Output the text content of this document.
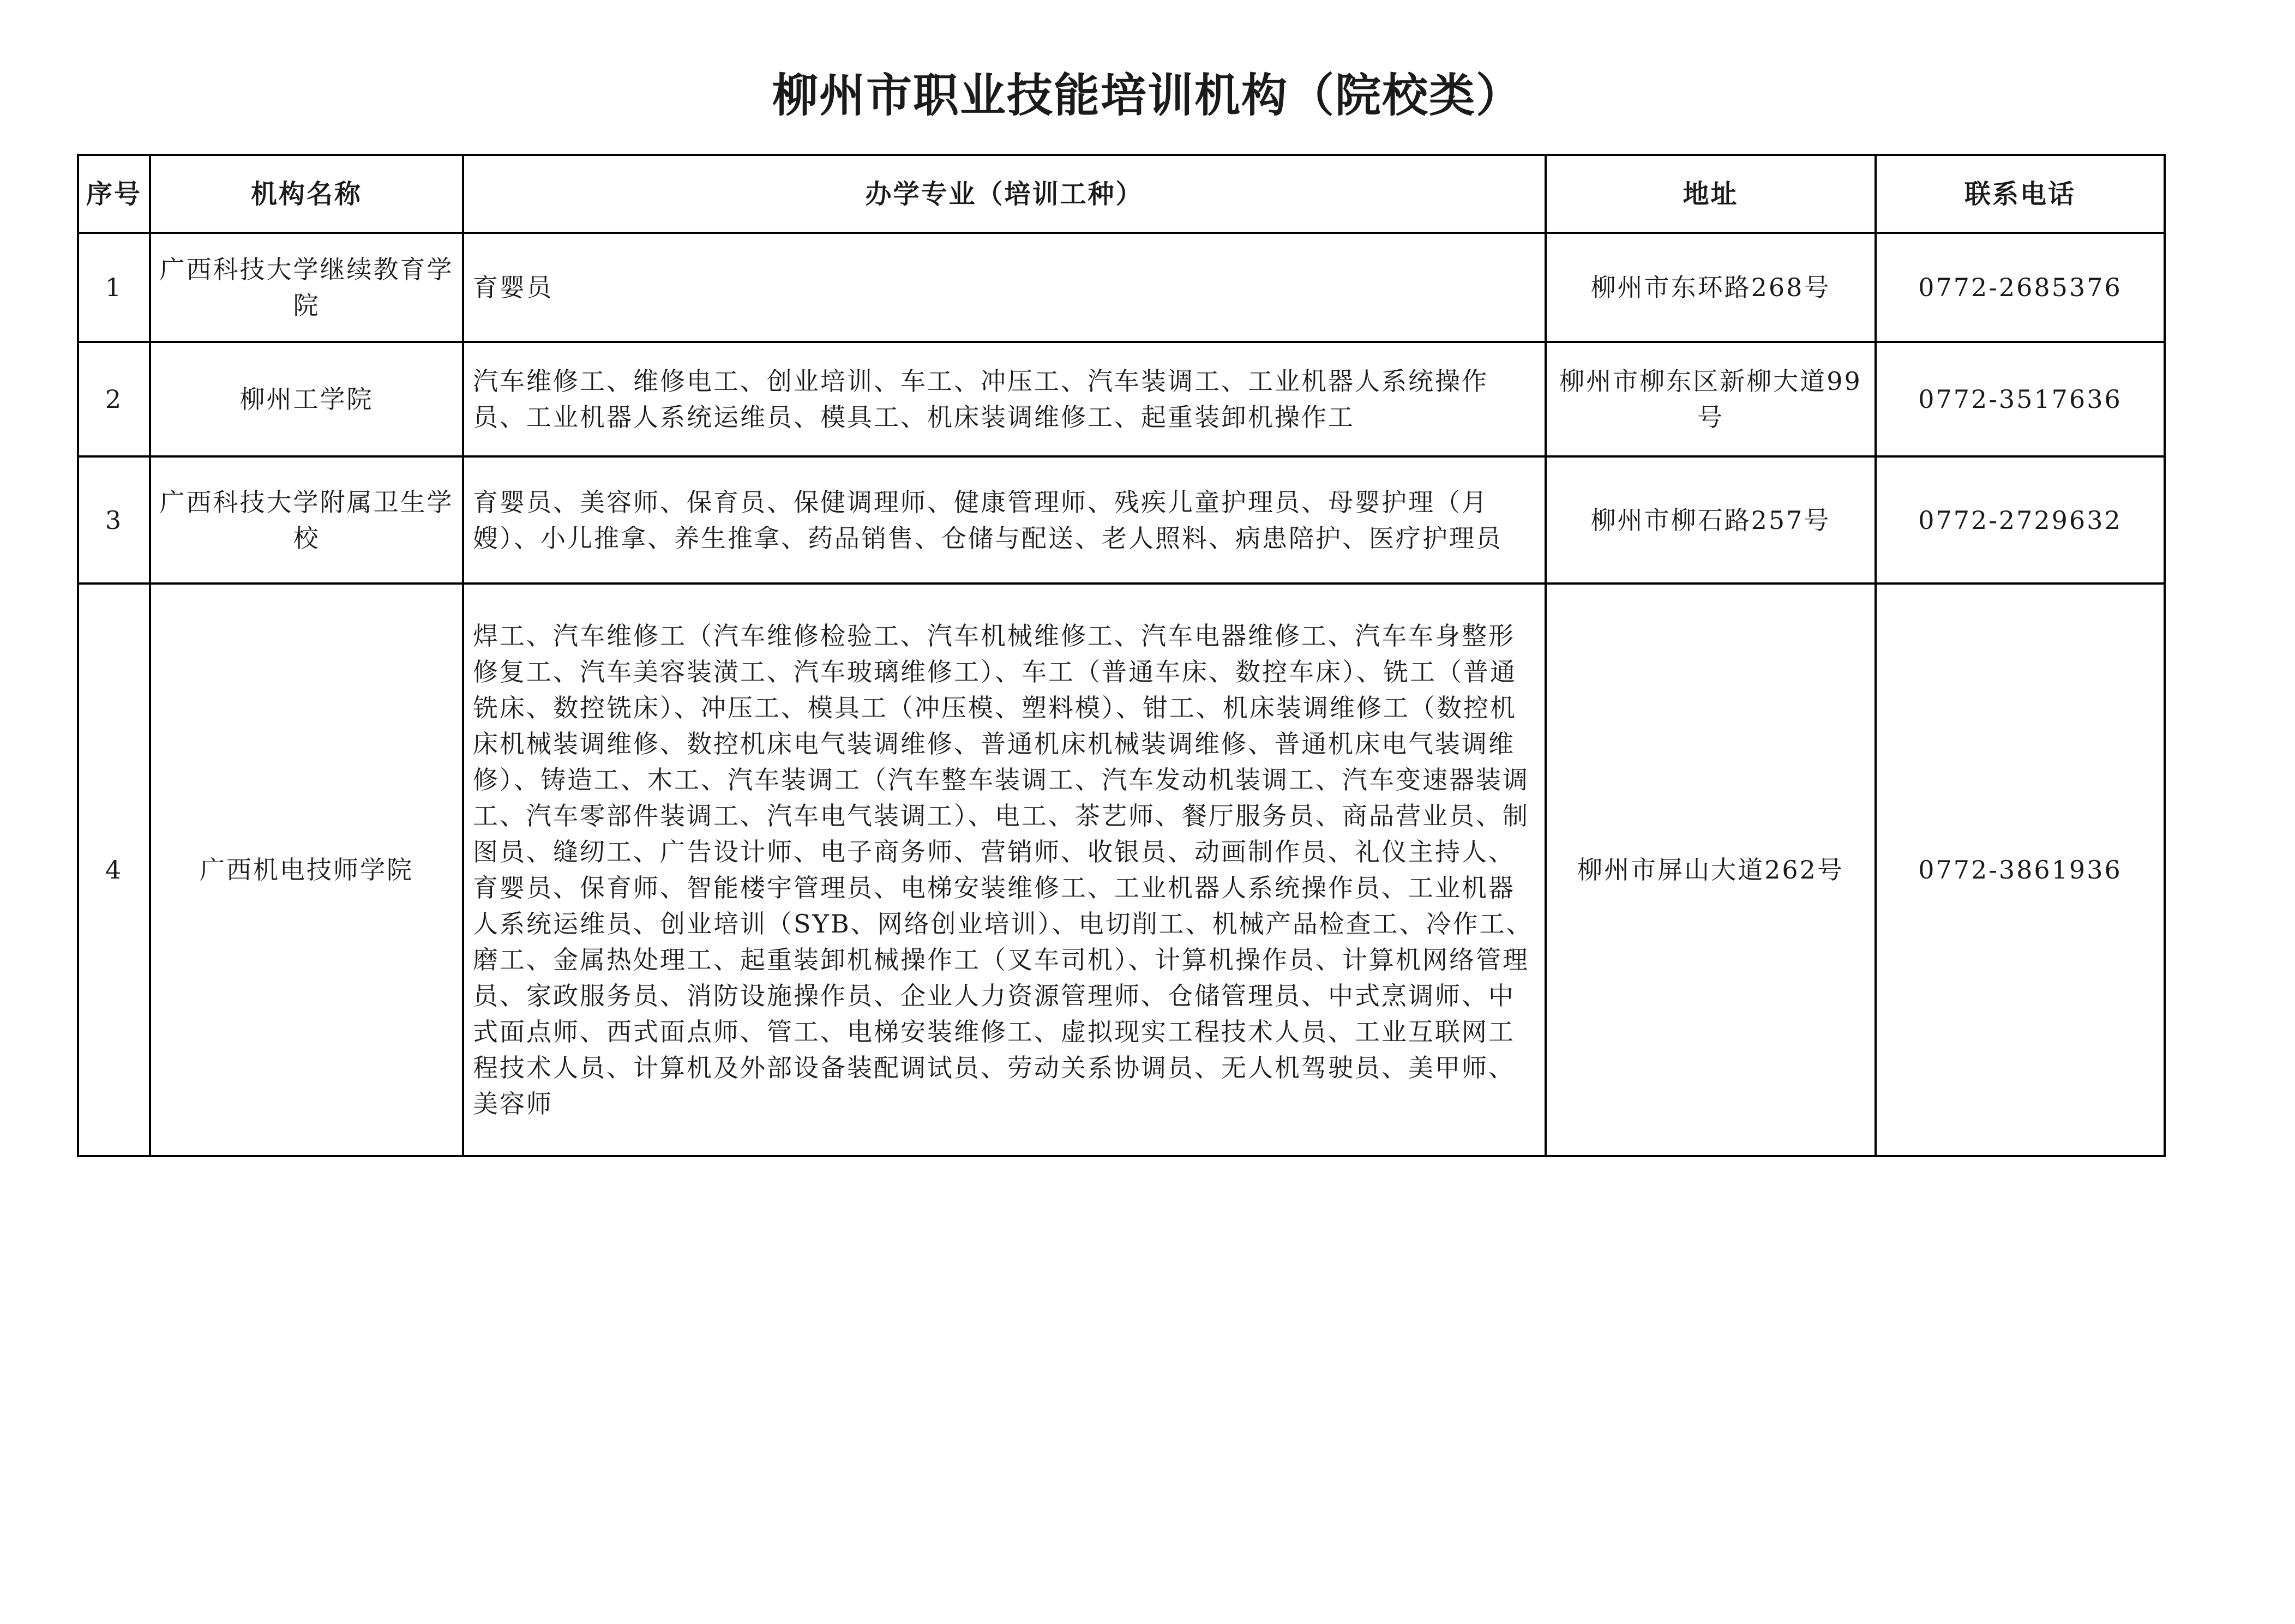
柳州市职业技能培训机构（院校类）
序号	机构名称	办学专业（培训工种）	地址	联系电话
1	广西科技大学继续教育学院	育婴员	柳州市东环路268号	0772-2685376
2	柳州工学院	汽车维修工、维修电工、创业培训、车工、冲压工、汽车装调工、工业机器人系统操作员、工业机器人系统运维员、模具工、机床装调维修工、起重装卸机操作工	柳州市柳东区新柳大道99号	0772-3517636
3	广西科技大学附属卫生学校	育婴员、美容师、保育员、保健调理师、健康管理师、残疾儿童护理员、母婴护理（月嫂）、小儿推拿、养生推拿、药品销售、仓储与配送、老人照料、病患陪护、医疗护理员	柳州市柳石路257号	0772-2729632
4	广西机电技师学院	焊工、汽车维修工（汽车维修检验工、汽车机械维修工、汽车电器维修工、汽车车身整形修复工、汽车美容装潢工、汽车玻璃维修工）、车工（普通车床、数控车床）、铣工（普通铣床、数控铣床）、冲压工、模具工（冲压模、塑料模）、钳工、机床装调维修工（数控机床机械装调维修、数控机床电气装调维修、普通机床机械装调维修、普通机床电气装调维修）、铸造工、木工、汽车装调工（汽车整车装调工、汽车发动机装调工、汽车变速器装调工、汽车零部件装调工、汽车电气装调工）、电工、茶艺师、餐厅服务员、商品营业员、制图员、缝纫工、广告设计师、电子商务师、营销师、收银员、动画制作员、礼仪主持人、育婴员、保育师、智能楼宇管理员、电梯安装维修工、工业机器人系统操作员、工业机器人系统运维员、创业培训（SYB、网络创业培训）、电切削工、机械产品检查工、冷作工、磨工、金属热处理工、起重装卸机械操作工（叉车司机）、计算机操作员、计算机网络管理员、家政服务员、消防设施操作员、企业人力资源管理师、仓储管理员、中式烹调师、中式面点师、西式面点师、管工、电梯安装维修工、虚拟现实工程技术人员、工业互联网工程技术人员、计算机及外部设备装配调试员、劳动关系协调员、无人机驾驶员、美甲师、美容师	柳州市屏山大道262号	0772-3861936
